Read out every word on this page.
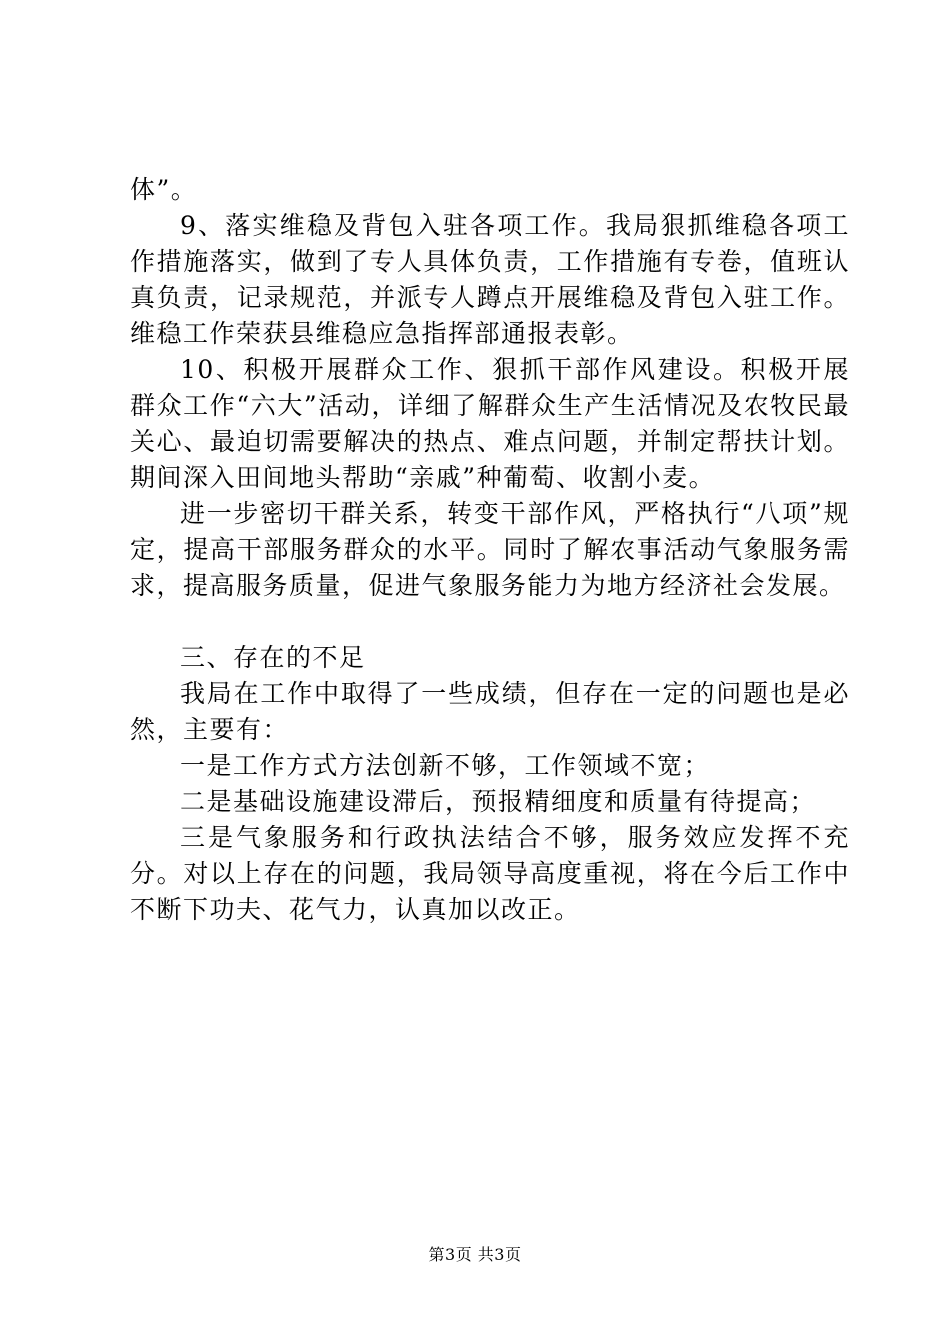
体”。

9、落实维稳及背包入驻各项工作。我局狠抓维稳各项工作措施落实，做到了专人具体负责，工作措施有专卷，值班认真负责，记录规范，并派专人蹲点开展维稳及背包入驻工作。维稳工作荣获县维稳应急指挥部通报表彰。

10、积极开展群众工作、狠抓干部作风建设。积极开展群众工作“六大”活动，详细了解群众生产生活情况及农牧民最关心、最迫切需要解决的热点、难点问题，并制定帮扶计划。期间深入田间地头帮助“亲戚”种葡萄、收割小麦。

进一步密切干群关系，转变干部作风，严格执行“八项”规定，提高干部服务群众的水平。同时了解农事活动气象服务需求，提高服务质量，促进气象服务能力为地方经济社会发展。

三、存在的不足

我局在工作中取得了一些成绩，但存在一定的问题也是必然，主要有：

一是工作方式方法创新不够，工作领域不宽；

二是基础设施建设滞后，预报精细度和质量有待提高；

三是气象服务和行政执法结合不够，服务效应发挥不充分。对以上存在的问题，我局领导高度重视，将在今后工作中不断下功夫、花气力，认真加以改正。

第3页 共3页
